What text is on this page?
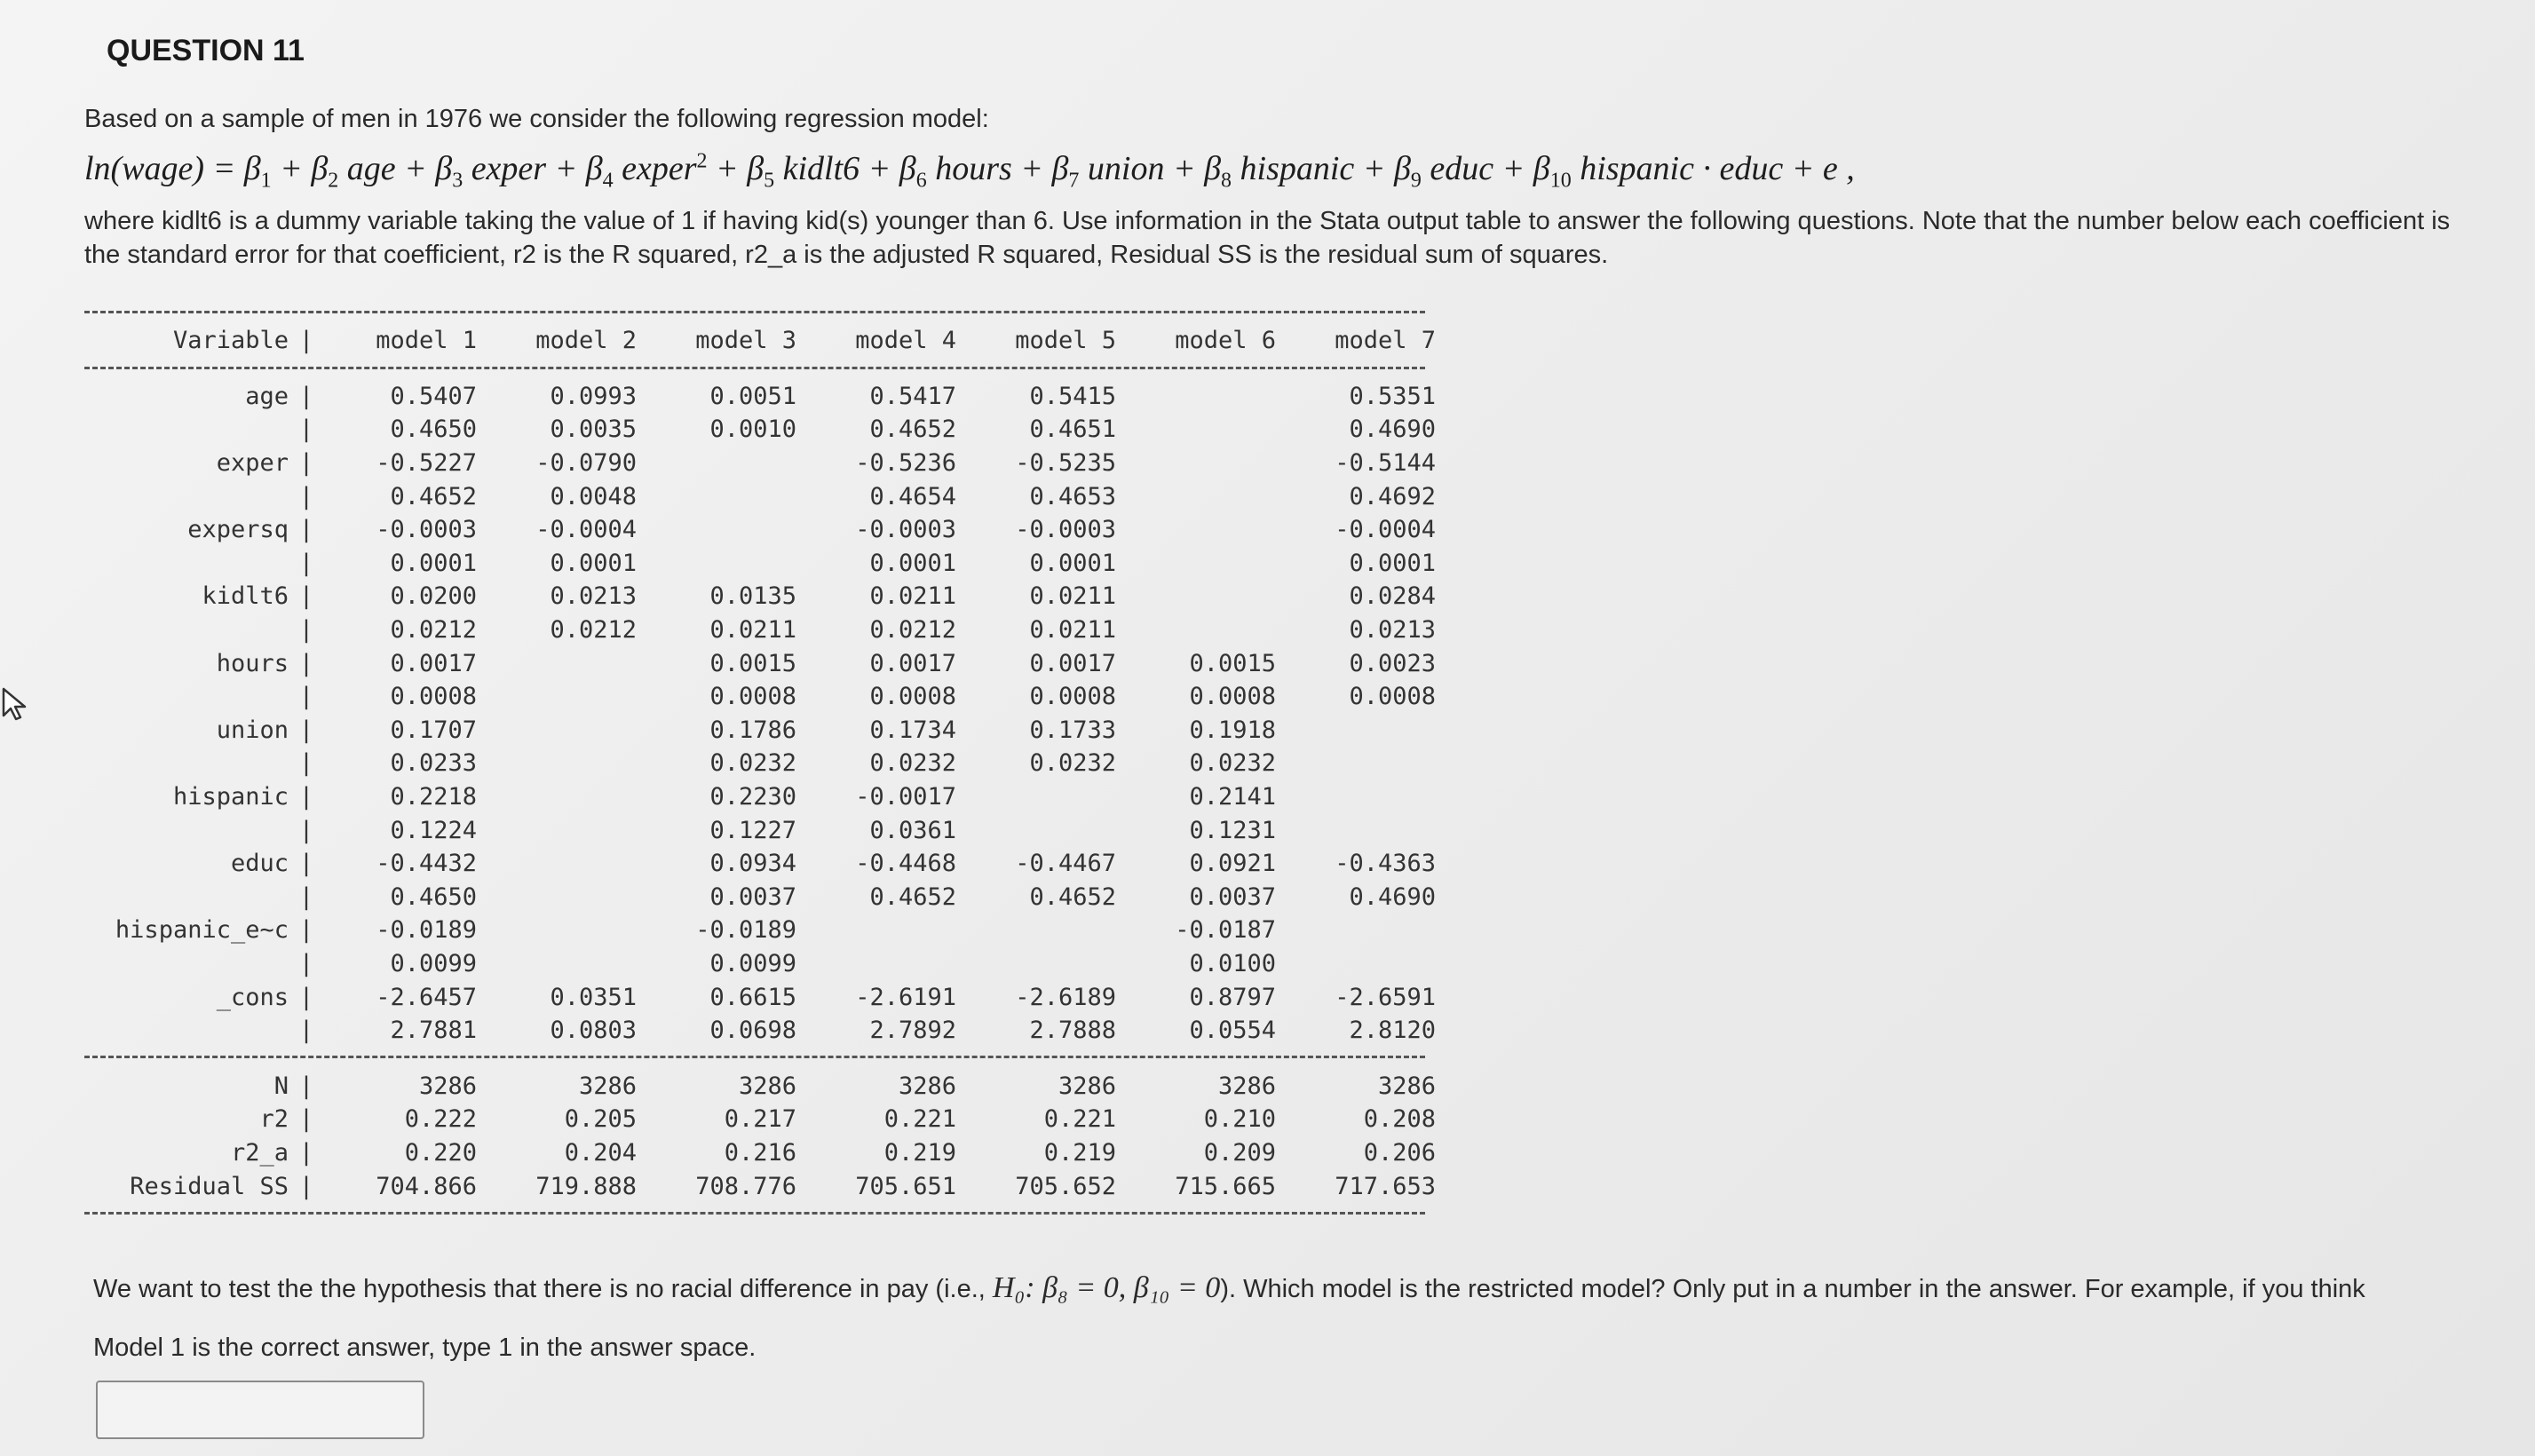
QUESTION 11
Based on a sample of men in 1976 we consider the following regression model:
ln(wage) = $\beta_1 + \beta_2$ age + $\beta_3$ exper + $\beta_4$ exper$^2$ + $\beta_5$ kidlt6 + $\beta_6$ hours + $\beta_7$ union + $\beta_8$ hispanic + $\beta_9$ educ + $\beta_{10}$ hispanic · educ + e ,
where kidlt6 is a dummy variable taking the value of 1 if having kid(s) younger than 6. Use information in the Stata output table to answer the following questions. Note that the number below each coefficient is the standard error for that coefficient, r2 is the R squared, r2_a is the adjusted R squared, Residual SS is the residual sum of squares.
Variable	|	model 1	model 2	model 3	model 4	model 5	model 6	model 7
age	|	0.5407	0.0993	0.0051	0.5417	0.5415		0.5351
	|	0.4650	0.0035	0.0010	0.4652	0.4651		0.4690
exper	|	-0.5227	-0.0790		-0.5236	-0.5235		-0.5144
	|	0.4652	0.0048		0.4654	0.4653		0.4692
expersq	|	-0.0003	-0.0004		-0.0003	-0.0003		-0.0004
	|	0.0001	0.0001		0.0001	0.0001		0.0001
kidlt6	|	0.0200	0.0213	0.0135	0.0211	0.0211		0.0284
	|	0.0212	0.0212	0.0211	0.0212	0.0211		0.0213
hours	|	0.0017		0.0015	0.0017	0.0017	0.0015	0.0023
	|	0.0008		0.0008	0.0008	0.0008	0.0008	0.0008
union	|	0.1707		0.1786	0.1734	0.1733	0.1918	
	|	0.0233		0.0232	0.0232	0.0232	0.0232	
hispanic	|	0.2218		0.2230	-0.0017		0.2141	
	|	0.1224		0.1227	0.0361		0.1231	
educ	|	-0.4432		0.0934	-0.4468	-0.4467	0.0921	-0.4363
	|	0.4650		0.0037	0.4652	0.4652	0.0037	0.4690
hispanic_e~c	|	-0.0189		-0.0189			-0.0187	
	|	0.0099		0.0099			0.0100	
_cons	|	-2.6457	0.0351	0.6615	-2.6191	-2.6189	0.8797	-2.6591
	|	2.7881	0.0803	0.0698	2.7892	2.7888	0.0554	2.8120
N	|	3286	3286	3286	3286	3286	3286	3286
r2	|	0.222	0.205	0.217	0.221	0.221	0.210	0.208
r2_a	|	0.220	0.204	0.216	0.219	0.219	0.209	0.206
Residual SS	|	704.866	719.888	708.776	705.651	705.652	715.665	717.653
We want to test the the hypothesis that there is no racial difference in pay (i.e., H₀: β₈ = 0, β₁₀ = 0). Which model is the restricted model? Only put in a number in the answer. For example, if you think
Model 1 is the correct answer, type 1 in the answer space.
